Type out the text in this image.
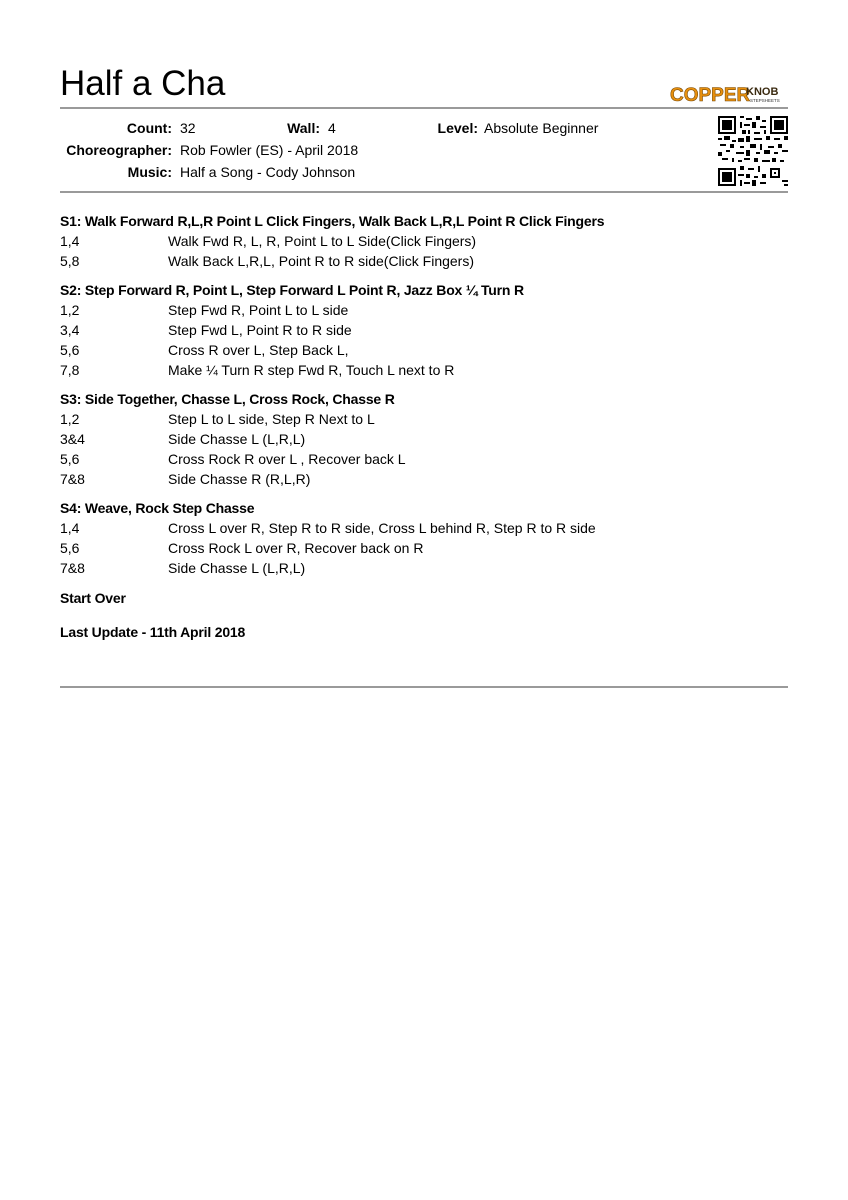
Half a Cha	COPPER
KNOB
STEPSHEETS
Count: 32	Wall: 4	Level: Absolute Beginner
Choreographer: Rob Fowler (ES) - April 2018
Music: Half a Song - Cody Johnson
S1: Walk Forward R,L,R Point L Click Fingers, Walk Back L,R,L Point R Click Fingers
1,4	Walk Fwd R, L, R, Point L to L Side(Click Fingers)
5,8	Walk Back L,R,L, Point R to R side(Click Fingers)
S2: Step Forward R, Point L, Step Forward L Point R, Jazz Box ¼ Turn R
1,2	Step Fwd R, Point L to L side
3,4	Step Fwd L, Point R to R side
5,6	Cross R over L, Step Back L,
7,8	Make ¼ Turn R step Fwd R, Touch L next to R
S3: Side Together, Chasse L, Cross Rock, Chasse R
1,2	Step L to L side, Step R Next to L
3&4	Side Chasse L (L,R,L)
5,6	Cross Rock R over L , Recover back L
7&8	Side Chasse R (R,L,R)
S4: Weave, Rock Step Chasse
1,4	Cross L over R, Step R to R side, Cross L behind R, Step R to R side
5,6	Cross Rock L over R, Recover back on R
7&8	Side Chasse L (L,R,L)
Start Over
Last Update - 11th April 2018
